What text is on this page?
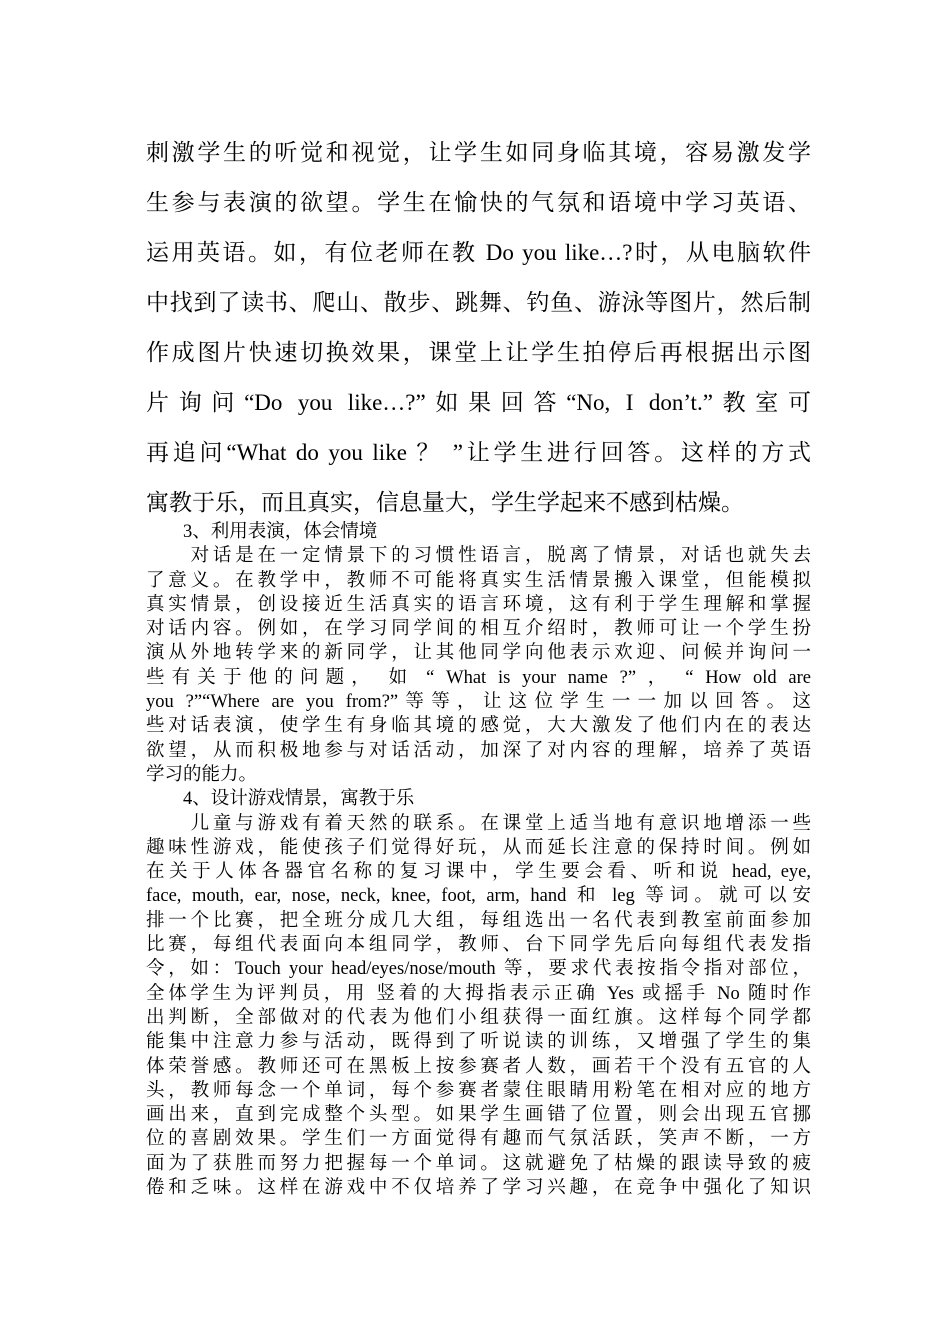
刺激学生的听觉和视觉，让学生如同身临其境，容易激发学
生参与表演的欲望。学生在愉快的气氛和语境中学习英语、
运用英语。如，有位老师在教 Do you like…?时，从电脑软件
中找到了读书、爬山、散步、跳舞、钓鱼、游泳等图片，然后制
作成图片快速切换效果，课堂上让学生拍停后再根据出示图
片询问“Do you like…?”如果回答“No, I don’t.”教室可
再追问“What do you like ？ ”让学生进行回答。这样的方式
寓教于乐，而且真实，信息量大，学生学起来不感到枯燥。
　　3、利用表演，体会情境
　　对话是在一定情景下的习惯性语言，脱离了情景，对话也就失去
了意义。在教学中，教师不可能将真实生活情景搬入课堂，但能模拟
真实情景，创设接近生活真实的语言环境，这有利于学生理解和掌握
对话内容。例如，在学习同学间的相互介绍时，教师可让一个学生扮
演从外地转学来的新同学，让其他同学向他表示欢迎、问候并询问一
些有关于他的问题， 如 “ What is your name ?” ， “ How old are
you ?”“Where are you from?”等等，让这位学生一一加以回答。这
些对话表演，使学生有身临其境的感觉，大大激发了他们内在的表达
欲望，从而积极地参与对话活动，加深了对内容的理解，培养了英语
学习的能力。
　　4、设计游戏情景，寓教于乐
　　儿童与游戏有着天然的联系。在课堂上适当地有意识地增添一些
趣味性游戏，能使孩子们觉得好玩，从而延长注意的保持时间。例如
在关于人体各器官名称的复习课中，学生要会看、听和说 head, eye,
face, mouth, ear, nose, neck, knee, foot, arm, hand 和 leg 等词。就可以安
排一个比赛，把全班分成几大组，每组选出一名代表到教室前面参加
比赛，每组代表面向本组同学，教师、台下同学先后向每组代表发指
令，如：Touch your head/eyes/nose/mouth 等，要求代表按指令指对部位，
全体学生为评判员，用 竖着的大拇指表示正确 Yes 或摇手 No 随时作
出判断，全部做对的代表为他们小组获得一面红旗。这样每个同学都
能集中注意力参与活动，既得到了听说读的训练，又增强了学生的集
体荣誉感。教师还可在黑板上按参赛者人数，画若干个没有五官的人
头，教师每念一个单词，每个参赛者蒙住眼睛用粉笔在相对应的地方
画出来，直到完成整个头型。如果学生画错了位置，则会出现五官挪
位的喜剧效果。学生们一方面觉得有趣而气氛活跃，笑声不断，一方
面为了获胜而努力把握每一个单词。这就避免了枯燥的跟读导致的疲
倦和乏味。这样在游戏中不仅培养了学习兴趣，在竞争中强化了知识
